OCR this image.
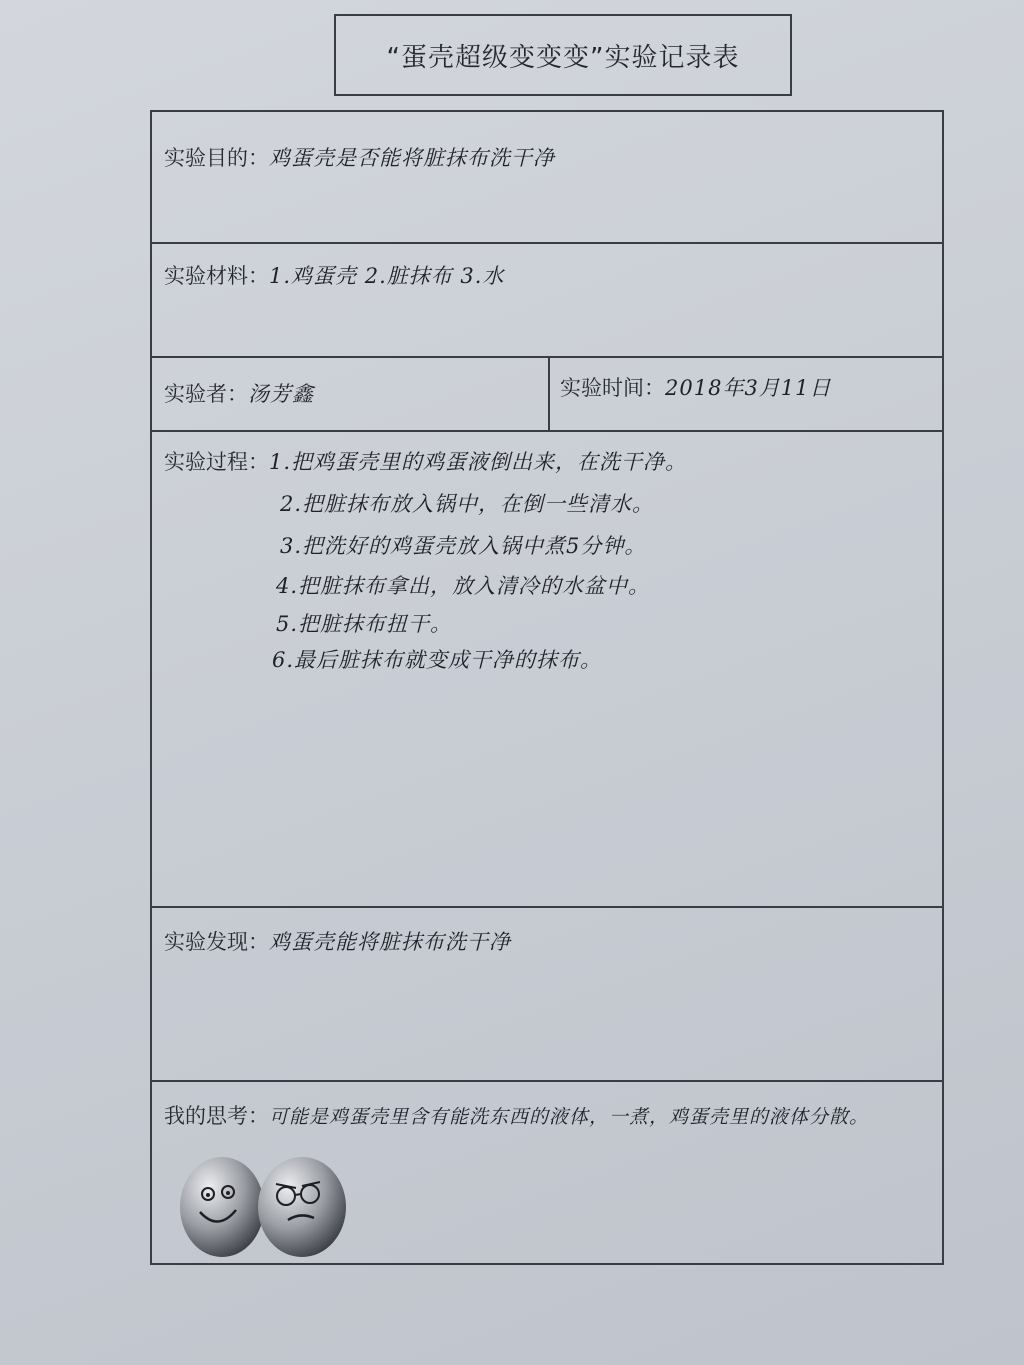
“蛋壳超级变变变”实验记录表
实验目的： 鸡蛋壳是否能将脏抹布洗干净
实验材料： 1.鸡蛋壳 2.脏抹布 3.水
实验者： 汤芳鑫	实验时间： 2018年3月11日
实验过程： 1.把鸡蛋壳里的鸡蛋液倒出来，在洗干净。
2.把脏抹布放入锅中，在倒一些清水。
3.把洗好的鸡蛋壳放入锅中煮5分钟。
4.把脏抹布拿出，放入清冷的水盆中。
5.把脏抹布扭干。
6.最后脏抹布就变成干净的抹布。
实验发现： 鸡蛋壳能将脏抹布洗干净
我的思考： 可能是鸡蛋壳里含有能洗东西的液体，一煮，鸡蛋壳里的液体分散。
